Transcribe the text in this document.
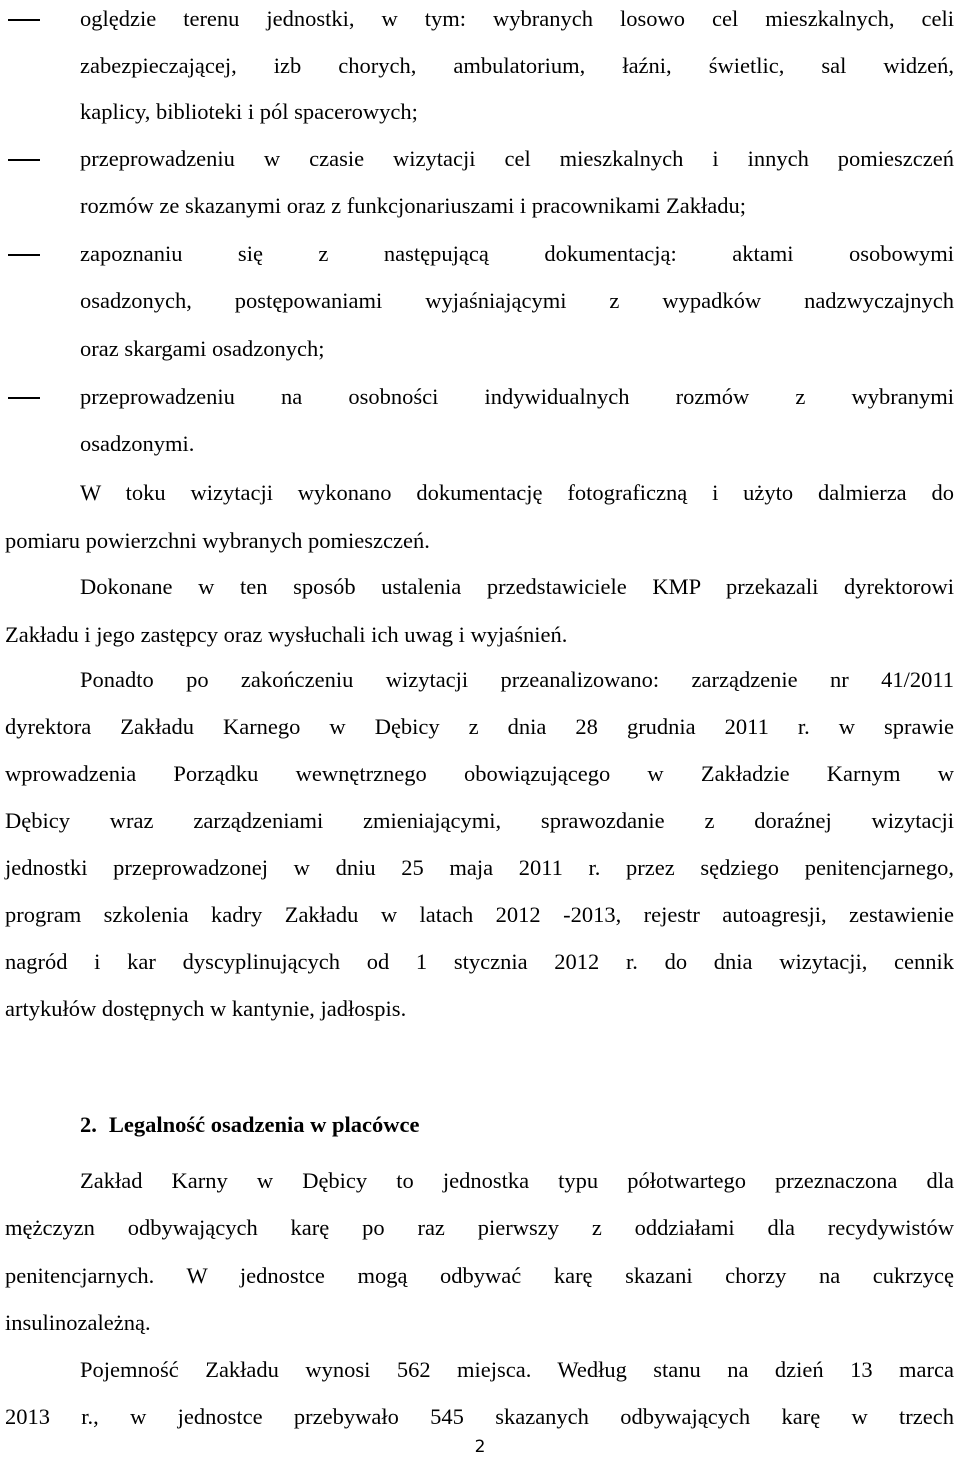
oględzie terenu jednostki, w tym: wybranych losowo cel mieszkalnych, celi
zabezpieczającej, izb chorych, ambulatorium, łaźni, świetlic, sal widzeń,
kaplicy, biblioteki i pól spacerowych;
przeprowadzeniu w czasie wizytacji cel mieszkalnych i innych pomieszczeń
rozmów ze skazanymi oraz z funkcjonariuszami i pracownikami Zakładu;
zapoznaniu się z następującą dokumentacją: aktami osobowymi
osadzonych, postępowaniami wyjaśniającymi z wypadków nadzwyczajnych
oraz skargami osadzonych;
przeprowadzeniu na osobności indywidualnych rozmów z wybranymi
osadzonymi.
W toku wizytacji wykonano dokumentację fotograficzną i użyto dalmierza do
pomiaru powierzchni wybranych pomieszczeń.
Dokonane w ten sposób ustalenia przedstawiciele KMP przekazali dyrektorowi
Zakładu i jego zastępcy oraz wysłuchali ich uwag i wyjaśnień.
Ponadto po zakończeniu wizytacji przeanalizowano: zarządzenie nr 41/2011
dyrektora Zakładu Karnego w Dębicy z dnia 28 grudnia 2011 r. w sprawie
wprowadzenia Porządku wewnętrznego obowiązującego w Zakładzie Karnym w
Dębicy wraz zarządzeniami zmieniającymi, sprawozdanie z doraźnej wizytacji
jednostki przeprowadzonej w dniu 25 maja 2011 r. przez sędziego penitencjarnego,
program szkolenia kadry Zakładu w latach 2012 -2013, rejestr autoagresji, zestawienie
nagród i kar dyscyplinujących od 1 stycznia 2012 r. do dnia wizytacji, cennik
artykułów dostępnych w kantynie, jadłospis.
2. Legalność osadzenia w placówce
Zakład Karny w Dębicy to jednostka typu półotwartego przeznaczona dla
mężczyzn odbywających karę po raz pierwszy z oddziałami dla recydywistów
penitencjarnych. W jednostce mogą odbywać karę skazani chorzy na cukrzycę
insulinozależną.
Pojemność Zakładu wynosi 562 miejsca. Według stanu na dzień 13 marca
2013 r., w jednostce przebywało 545 skazanych odbywających karę w trzech
2
